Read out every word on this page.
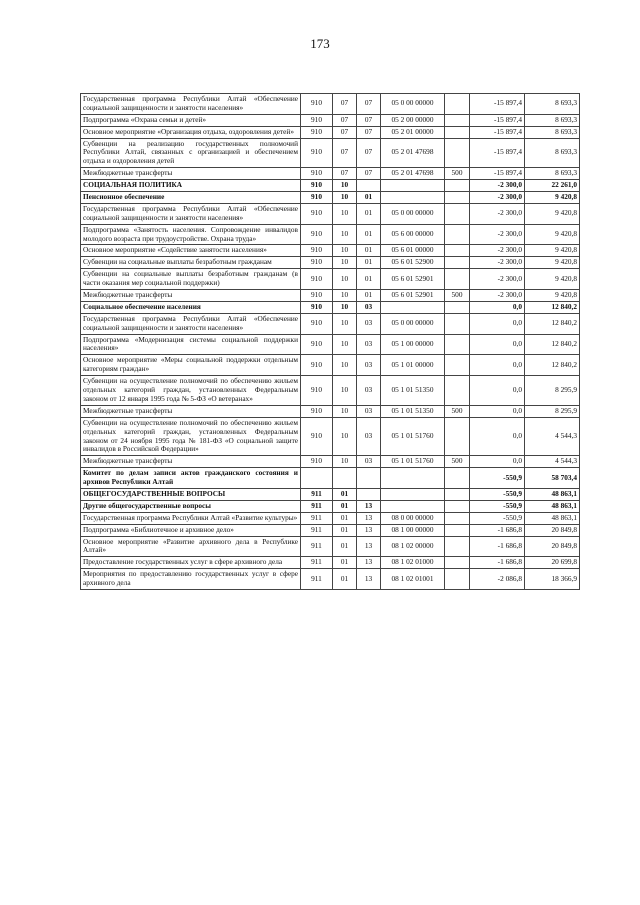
173
Государственная программа Республики Алтай «Обеспечение социальной защищенности и занятости населения»	910	07	07	05 0 00 00000		-15 897,4	8 693,3
Подпрограмма «Охрана семьи и детей»	910	07	07	05 2 00 00000		-15 897,4	8 693,3
Основное мероприятие «Организация отдыха, оздоровления детей»	910	07	07	05 2 01 00000		-15 897,4	8 693,3
Субвенции на реализацию государственных полномочий Республики Алтай, связанных с организацией и обеспечением отдыха и оздоровления детей	910	07	07	05 2 01 47698		-15 897,4	8 693,3
Межбюджетные трансферты	910	07	07	05 2 01 47698	500	-15 897,4	8 693,3
СОЦИАЛЬНАЯ ПОЛИТИКА	910	10				-2 300,0	22 261,0
Пенсионное обеспечение	910	10	01			-2 300,0	9 420,8
Государственная программа Республики Алтай «Обеспечение социальной защищенности и занятости населения»	910	10	01	05 0 00 00000		-2 300,0	9 420,8
Подпрограмма «Занятость населения. Сопровождение инвалидов молодого возраста при трудоустройстве. Охрана труда»	910	10	01	05 6 00 00000		-2 300,0	9 420,8
Основное мероприятие «Содействие занятости населения»	910	10	01	05 6 01 00000		-2 300,0	9 420,8
Субвенции на социальные выплаты безработным гражданам	910	10	01	05 6 01 52900		-2 300,0	9 420,8
Субвенции на социальные выплаты безработным гражданам (в части оказания мер социальной поддержки)	910	10	01	05 6 01 52901		-2 300,0	9 420,8
Межбюджетные трансферты	910	10	01	05 6 01 52901	500	-2 300,0	9 420,8
Социальное обеспечение населения	910	10	03			0,0	12 840,2
Государственная программа Республики Алтай «Обеспечение социальной защищенности и занятости населения»	910	10	03	05 0 00 00000		0,0	12 840,2
Подпрограмма «Модернизация системы социальной поддержки населения»	910	10	03	05 1 00 00000		0,0	12 840,2
Основное мероприятие «Меры социальной поддержки отдельным категориям граждан»	910	10	03	05 1 01 00000		0,0	12 840,2
Субвенции на осуществление полномочий по обеспечению жильем отдельных категорий граждан, установленных Федеральным законом от 12 января 1995 года № 5-ФЗ «О ветеранах»	910	10	03	05 1 01 51350		0,0	8 295,9
Межбюджетные трансферты	910	10	03	05 1 01 51350	500	0,0	8 295,9
Субвенции на осуществление полномочий по обеспечению жильем отдельных категорий граждан, установленных Федеральным законом от 24 ноября 1995 года № 181-ФЗ «О социальной защите инвалидов в Российской Федерации»	910	10	03	05 1 01 51760		0,0	4 544,3
Межбюджетные трансферты	910	10	03	05 1 01 51760	500	0,0	4 544,3
Комитет по делам записи актов гражданского состояния и архивов Республики Алтай						-550,9	58 703,4
ОБЩЕГОСУДАРСТВЕННЫЕ ВОПРОСЫ	911	01				-550,9	48 863,1
Другие общегосударственные вопросы	911	01	13			-550,9	48 863,1
Государственная программа Республики Алтай «Развитие культуры»	911	01	13	08 0 00 00000		-550,9	48 863,1
Подпрограмма «Библиотечное и архивное дело»	911	01	13	08 1 00 00000		-1 686,8	20 849,8
Основное мероприятие «Развитие архивного дела в Республике Алтай»	911	01	13	08 1 02 00000		-1 686,8	20 849,8
Предоставление государственных услуг в сфере архивного дела	911	01	13	08 1 02 01000		-1 686,8	20 699,8
Мероприятия по предоставлению государственных услуг в сфере архивного дела	911	01	13	08 1 02 01001		-2 086,8	18 366,9
